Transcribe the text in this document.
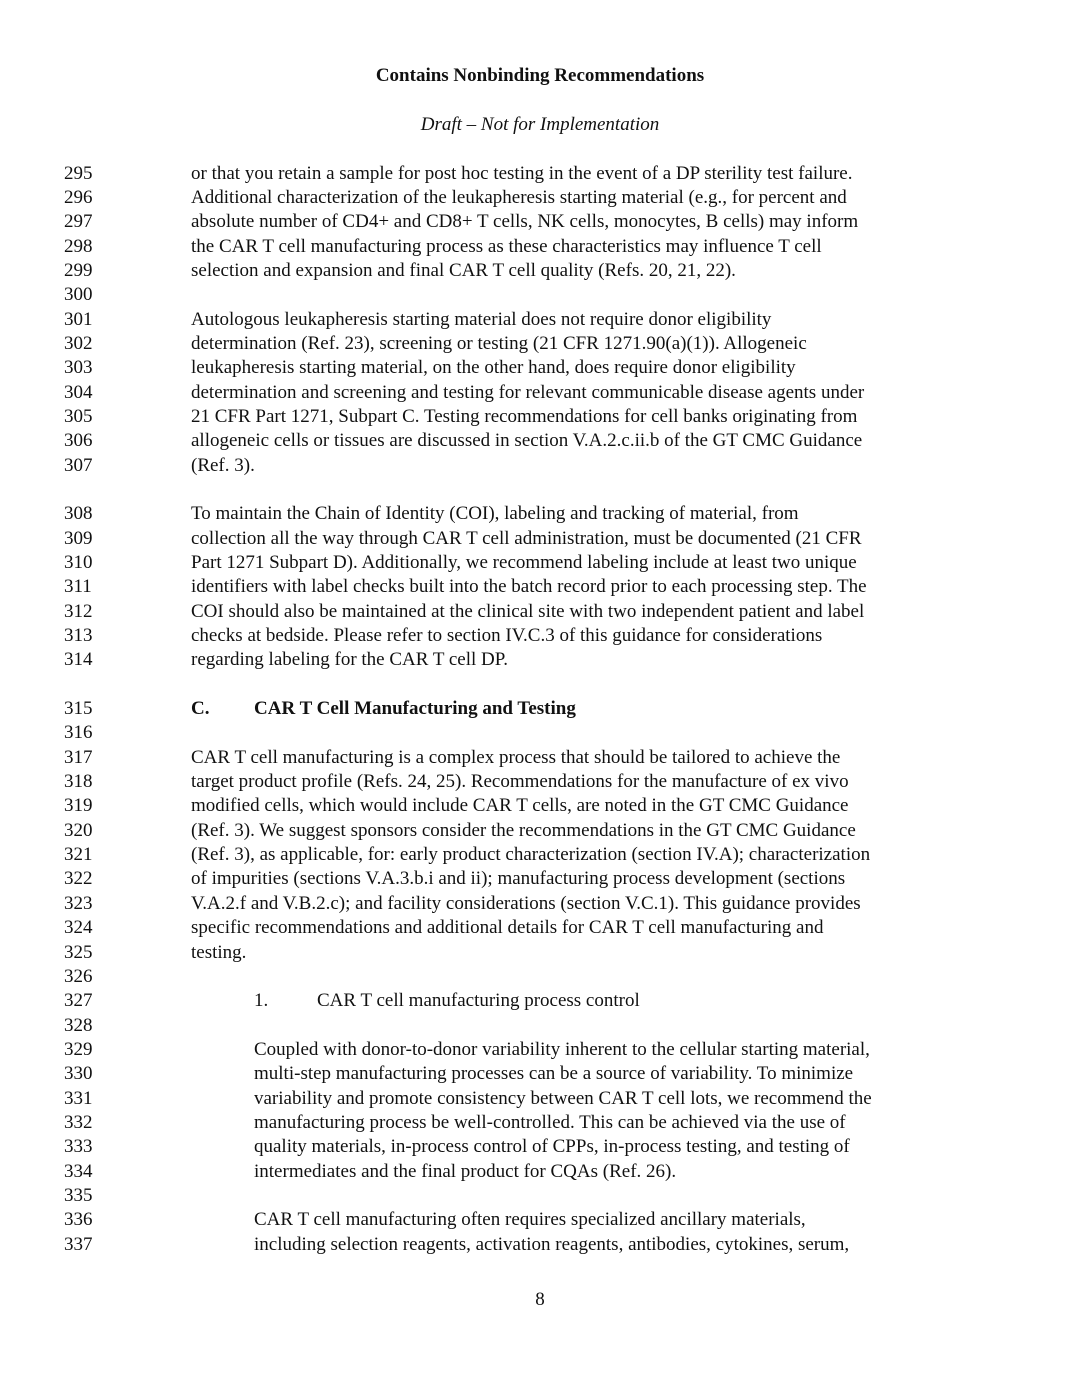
Contains Nonbinding Recommendations
Draft – Not for Implementation
295	or that you retain a sample for post hoc testing in the event of a DP sterility test failure.
296	Additional characterization of the leukapheresis starting material (e.g., for percent and
297	absolute number of CD4+ and CD8+ T cells, NK cells, monocytes, B cells) may inform
298	the CAR T cell manufacturing process as these characteristics may influence T cell
299	selection and expansion and final CAR T cell quality (Refs. 20, 21, 22).
300
301	Autologous leukapheresis starting material does not require donor eligibility
302	determination (Ref. 23), screening or testing (21 CFR 1271.90(a)(1)). Allogeneic
303	leukapheresis starting material, on the other hand, does require donor eligibility
304	determination and screening and testing for relevant communicable disease agents under
305	21 CFR Part 1271, Subpart C. Testing recommendations for cell banks originating from
306	allogeneic cells or tissues are discussed in section V.A.2.c.ii.b of the GT CMC Guidance
307	(Ref. 3).
308	To maintain the Chain of Identity (COI), labeling and tracking of material, from
309	collection all the way through CAR T cell administration, must be documented (21 CFR
310	Part 1271 Subpart D). Additionally, we recommend labeling include at least two unique
311	identifiers with label checks built into the batch record prior to each processing step. The
312	COI should also be maintained at the clinical site with two independent patient and label
313	checks at bedside. Please refer to section IV.C.3 of this guidance for considerations
314	regarding labeling for the CAR T cell DP.
315	C. CAR T Cell Manufacturing and Testing
316
317	CAR T cell manufacturing is a complex process that should be tailored to achieve the
318	target product profile (Refs. 24, 25). Recommendations for the manufacture of ex vivo
319	modified cells, which would include CAR T cells, are noted in the GT CMC Guidance
320	(Ref. 3). We suggest sponsors consider the recommendations in the GT CMC Guidance
321	(Ref. 3), as applicable, for: early product characterization (section IV.A); characterization
322	of impurities (sections V.A.3.b.i and ii); manufacturing process development (sections
323	V.A.2.f and V.B.2.c); and facility considerations (section V.C.1). This guidance provides
324	specific recommendations and additional details for CAR T cell manufacturing and
325	testing.
326
327	1.	CAR T cell manufacturing process control
328
329	Coupled with donor-to-donor variability inherent to the cellular starting material,
330	multi-step manufacturing processes can be a source of variability. To minimize
331	variability and promote consistency between CAR T cell lots, we recommend the
332	manufacturing process be well-controlled. This can be achieved via the use of
333	quality materials, in-process control of CPPs, in-process testing, and testing of
334	intermediates and the final product for CQAs (Ref. 26).
335
336	CAR T cell manufacturing often requires specialized ancillary materials,
337	including selection reagents, activation reagents, antibodies, cytokines, serum,
8
